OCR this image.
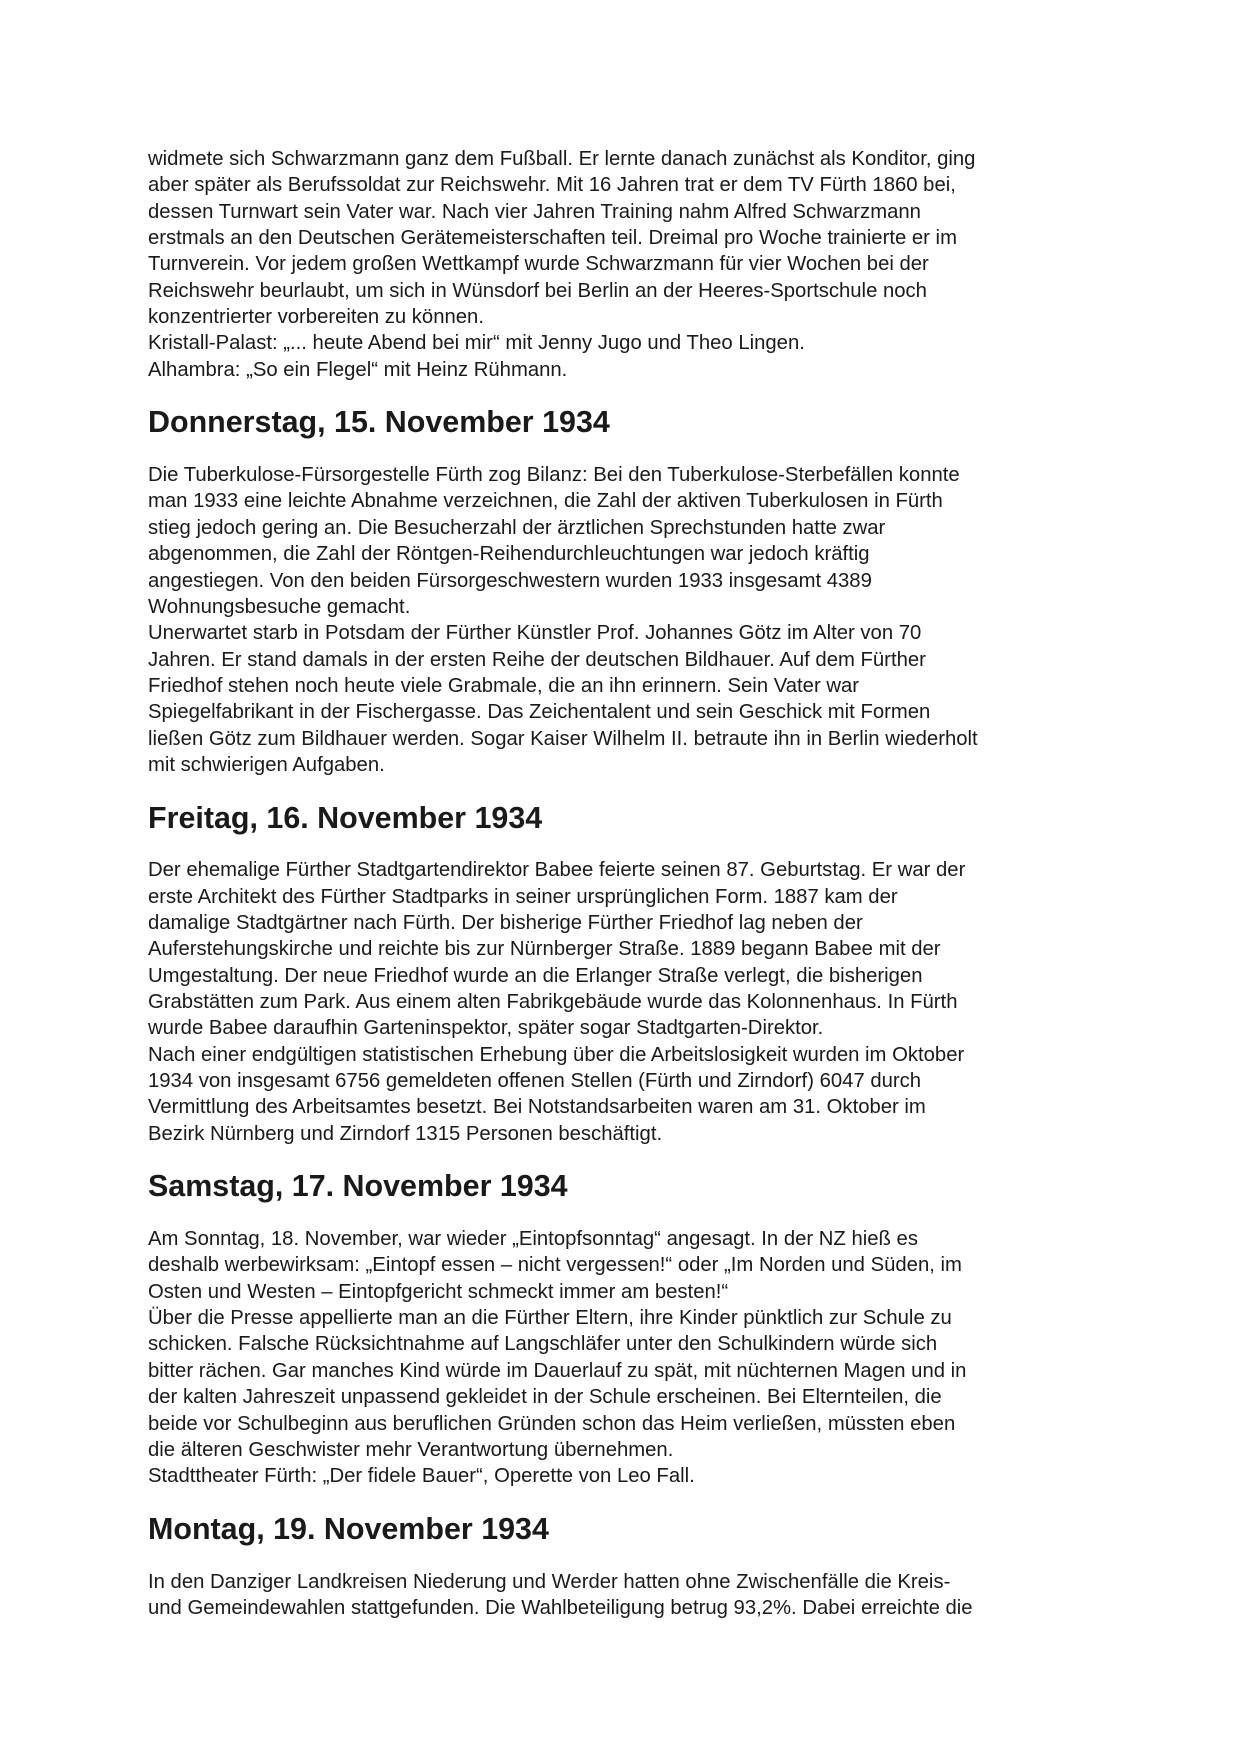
widmete sich Schwarzmann ganz dem Fußball. Er lernte danach zunächst als Konditor, ging
aber später als Berufssoldat zur Reichswehr. Mit 16 Jahren trat er dem TV Fürth 1860 bei,
dessen Turnwart sein Vater war. Nach vier Jahren Training nahm Alfred Schwarzmann
erstmals an den Deutschen Gerätemeisterschaften teil. Dreimal pro Woche trainierte er im
Turnverein. Vor jedem großen Wettkampf wurde Schwarzmann für vier Wochen bei der
Reichswehr beurlaubt, um sich in Wünsdorf bei Berlin an der Heeres-Sportschule noch
konzentrierter vorbereiten zu können.

Kristall-Palast: „... heute Abend bei mir“ mit Jenny Jugo und Theo Lingen.

Alhambra: „So ein Flegel“ mit Heinz Rühmann.

Donnerstag, 15. November 1934

Die Tuberkulose-Fürsorgestelle Fürth zog Bilanz: Bei den Tuberkulose-Sterbefällen konnte
man 1933 eine leichte Abnahme verzeichnen, die Zahl der aktiven Tuberkulosen in Fürth
stieg jedoch gering an. Die Besucherzahl der ärztlichen Sprechstunden hatte zwar
abgenommen, die Zahl der Röntgen-Reihendurchleuchtungen war jedoch kräftig
angestiegen. Von den beiden Fürsorgeschwestern wurden 1933 insgesamt 4389
Wohnungsbesuche gemacht.

Unerwartet starb in Potsdam der Fürther Künstler Prof. Johannes Götz im Alter von 70
Jahren. Er stand damals in der ersten Reihe der deutschen Bildhauer. Auf dem Fürther
Friedhof stehen noch heute viele Grabmale, die an ihn erinnern. Sein Vater war
Spiegelfabrikant in der Fischergasse. Das Zeichentalent und sein Geschick mit Formen
ließen Götz zum Bildhauer werden. Sogar Kaiser Wilhelm II. betraute ihn in Berlin wiederholt
mit schwierigen Aufgaben.

Freitag, 16. November 1934

Der ehemalige Fürther Stadtgartendirektor Babee feierte seinen 87. Geburtstag. Er war der
erste Architekt des Fürther Stadtparks in seiner ursprünglichen Form. 1887 kam der
damalige Stadtgärtner nach Fürth. Der bisherige Fürther Friedhof lag neben der
Auferstehungskirche und reichte bis zur Nürnberger Straße. 1889 begann Babee mit der
Umgestaltung. Der neue Friedhof wurde an die Erlanger Straße verlegt, die bisherigen
Grabstätten zum Park. Aus einem alten Fabrikgebäude wurde das Kolonnenhaus. In Fürth
wurde Babee daraufhin Garteninspektor, später sogar Stadtgarten-Direktor.

Nach einer endgültigen statistischen Erhebung über die Arbeitslosigkeit wurden im Oktober
1934 von insgesamt 6756 gemeldeten offenen Stellen (Fürth und Zirndorf) 6047 durch
Vermittlung des Arbeitsamtes besetzt. Bei Notstandsarbeiten waren am 31. Oktober im
Bezirk Nürnberg und Zirndorf 1315 Personen beschäftigt.

Samstag, 17. November 1934

Am Sonntag, 18. November, war wieder „Eintopfsonntag“ angesagt. In der NZ hieß es
deshalb werbewirksam: „Eintopf essen – nicht vergessen!“ oder „Im Norden und Süden, im
Osten und Westen – Eintopfgericht schmeckt immer am besten!“

Über die Presse appellierte man an die Fürther Eltern, ihre Kinder pünktlich zur Schule zu
schicken. Falsche Rücksichtnahme auf Langschläfer unter den Schulkindern würde sich
bitter rächen. Gar manches Kind würde im Dauerlauf zu spät, mit nüchternen Magen und in
der kalten Jahreszeit unpassend gekleidet in der Schule erscheinen. Bei Elternteilen, die
beide vor Schulbeginn aus beruflichen Gründen schon das Heim verließen, müssten eben
die älteren Geschwister mehr Verantwortung übernehmen.

Stadttheater Fürth: „Der fidele Bauer“, Operette von Leo Fall.

Montag, 19. November 1934

In den Danziger Landkreisen Niederung und Werder hatten ohne Zwischenfälle die Kreis-
und Gemeindewahlen stattgefunden. Die Wahlbeteiligung betrug 93,2%. Dabei erreichte die
